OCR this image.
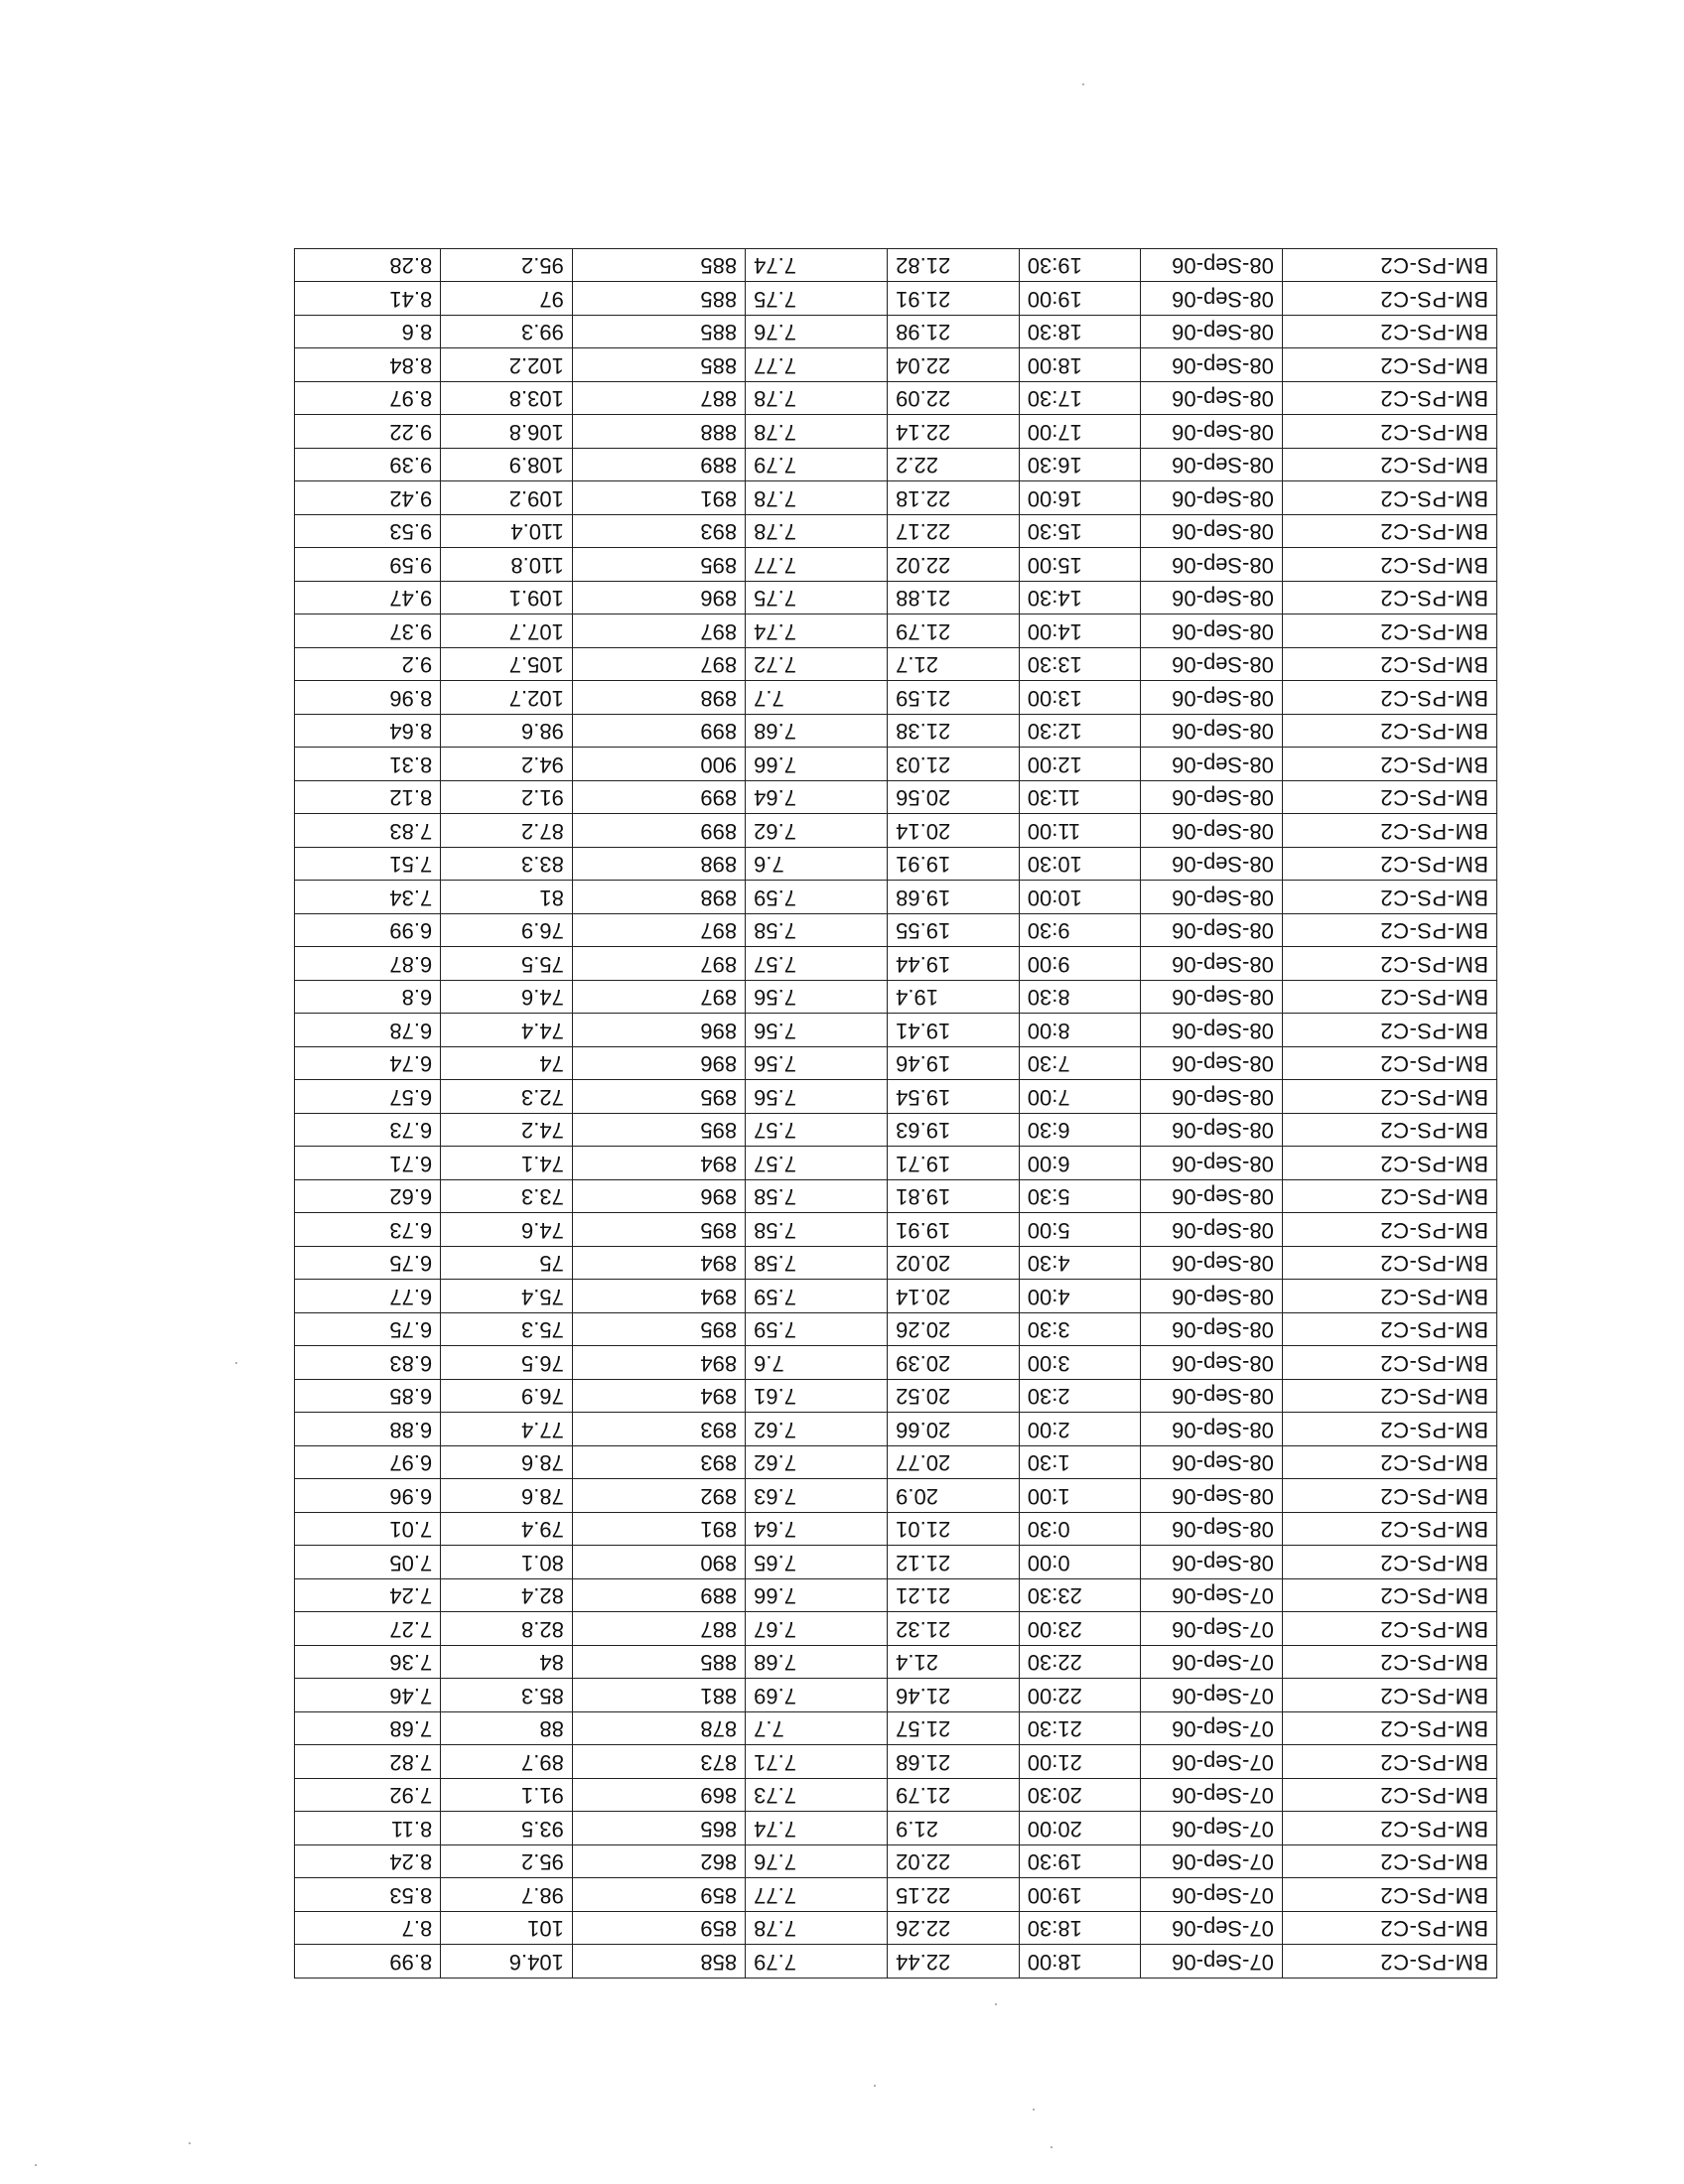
BM-PS-C2	07-Sep-06	18:00	22.44	7.79	858	104.6	8.99
BM-PS-C2	07-Sep-06	18:30	22.26	7.78	859	101	8.7
BM-PS-C2	07-Sep-06	19:00	22.15	7.77	859	98.7	8.53
BM-PS-C2	07-Sep-06	19:30	22.02	7.76	862	95.2	8.24
BM-PS-C2	07-Sep-06	20:00	21.9	7.74	865	93.5	8.11
BM-PS-C2	07-Sep-06	20:30	21.79	7.73	869	91.1	7.92
BM-PS-C2	07-Sep-06	21:00	21.68	7.71	873	89.7	7.82
BM-PS-C2	07-Sep-06	21:30	21.57	7.7	878	88	7.68
BM-PS-C2	07-Sep-06	22:00	21.46	7.69	881	85.3	7.46
BM-PS-C2	07-Sep-06	22:30	21.4	7.68	885	84	7.36
BM-PS-C2	07-Sep-06	23:00	21.32	7.67	887	82.8	7.27
BM-PS-C2	07-Sep-06	23:30	21.21	7.66	889	82.4	7.24
BM-PS-C2	08-Sep-06	0:00	21.12	7.65	890	80.1	7.05
BM-PS-C2	08-Sep-06	0:30	21.01	7.64	891	79.4	7.01
BM-PS-C2	08-Sep-06	1:00	20.9	7.63	892	78.6	6.96
BM-PS-C2	08-Sep-06	1:30	20.77	7.62	893	78.6	6.97
BM-PS-C2	08-Sep-06	2:00	20.66	7.62	893	77.4	6.88
BM-PS-C2	08-Sep-06	2:30	20.52	7.61	894	76.9	6.85
BM-PS-C2	08-Sep-06	3:00	20.39	7.6	894	76.5	6.83
BM-PS-C2	08-Sep-06	3:30	20.26	7.59	895	75.3	6.75
BM-PS-C2	08-Sep-06	4:00	20.14	7.59	894	75.4	6.77
BM-PS-C2	08-Sep-06	4:30	20.02	7.58	894	75	6.75
BM-PS-C2	08-Sep-06	5:00	19.91	7.58	895	74.6	6.73
BM-PS-C2	08-Sep-06	5:30	19.81	7.58	896	73.3	6.62
BM-PS-C2	08-Sep-06	6:00	19.71	7.57	894	74.1	6.71
BM-PS-C2	08-Sep-06	6:30	19.63	7.57	895	74.2	6.73
BM-PS-C2	08-Sep-06	7:00	19.54	7.56	895	72.3	6.57
BM-PS-C2	08-Sep-06	7:30	19.46	7.56	896	74	6.74
BM-PS-C2	08-Sep-06	8:00	19.41	7.56	896	74.4	6.78
BM-PS-C2	08-Sep-06	8:30	19.4	7.56	897	74.6	6.8
BM-PS-C2	08-Sep-06	9:00	19.44	7.57	897	75.5	6.87
BM-PS-C2	08-Sep-06	9:30	19.55	7.58	897	76.9	6.99
BM-PS-C2	08-Sep-06	10:00	19.68	7.59	898	81	7.34
BM-PS-C2	08-Sep-06	10:30	19.91	7.6	898	83.3	7.51
BM-PS-C2	08-Sep-06	11:00	20.14	7.62	899	87.2	7.83
BM-PS-C2	08-Sep-06	11:30	20.56	7.64	899	91.2	8.12
BM-PS-C2	08-Sep-06	12:00	21.03	7.66	900	94.2	8.31
BM-PS-C2	08-Sep-06	12:30	21.38	7.68	899	98.6	8.64
BM-PS-C2	08-Sep-06	13:00	21.59	7.7	898	102.7	8.96
BM-PS-C2	08-Sep-06	13:30	21.7	7.72	897	105.7	9.2
BM-PS-C2	08-Sep-06	14:00	21.79	7.74	897	107.7	9.37
BM-PS-C2	08-Sep-06	14:30	21.88	7.75	896	109.1	9.47
BM-PS-C2	08-Sep-06	15:00	22.02	7.77	895	110.8	9.59
BM-PS-C2	08-Sep-06	15:30	22.17	7.78	893	110.4	9.53
BM-PS-C2	08-Sep-06	16:00	22.18	7.78	891	109.2	9.42
BM-PS-C2	08-Sep-06	16:30	22.2	7.79	889	108.9	9.39
BM-PS-C2	08-Sep-06	17:00	22.14	7.78	888	106.8	9.22
BM-PS-C2	08-Sep-06	17:30	22.09	7.78	887	103.8	8.97
BM-PS-C2	08-Sep-06	18:00	22.04	7.77	885	102.2	8.84
BM-PS-C2	08-Sep-06	18:30	21.98	7.76	885	99.3	8.6
BM-PS-C2	08-Sep-06	19:00	21.91	7.75	885	97	8.41
BM-PS-C2	08-Sep-06	19:30	21.82	7.74	885	95.2	8.28
